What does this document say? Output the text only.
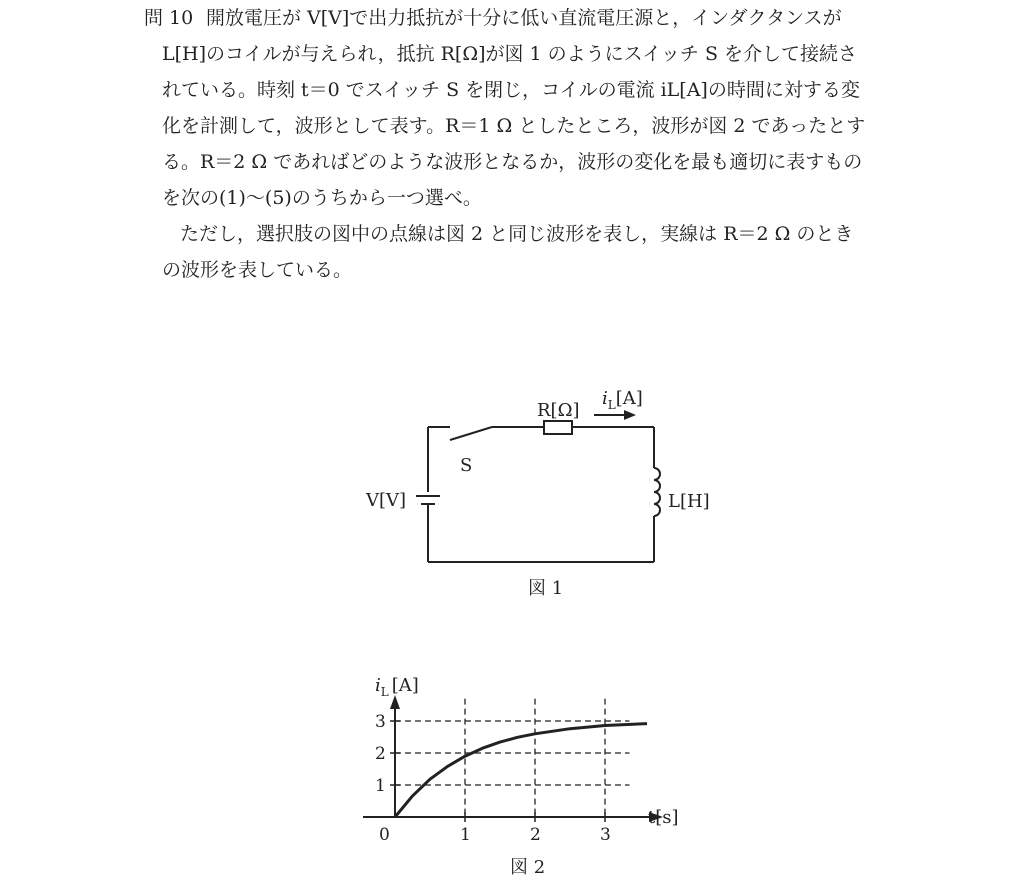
問 10 開放電圧が V[V]で出力抵抗が十分に低い直流電圧源と，インダクタンスが
L[H]のコイルが与えられ，抵抗 R[Ω]が図 1 のようにスイッチ S を介して接続さ
れている。時刻 t＝0 でスイッチ S を閉じ，コイルの電流 iL[A]の時間に対する変
化を計測して，波形として表す。R＝1 Ω としたところ，波形が図 2 であったとす
る。R＝2 Ω であればどのような波形となるか，波形の変化を最も適切に表すもの
を次の(1)～(5)のうちから一つ選べ。
ただし，選択肢の図中の点線は図 2 と同じ波形を表し，実線は R＝2 Ω のとき
の波形を表している。
R[Ω]
$i_L[A]$
S
V[V]	L[H]
図 1
1
2
3
1	2	3
$i_L$ [A]
t[s]
0
図 2
